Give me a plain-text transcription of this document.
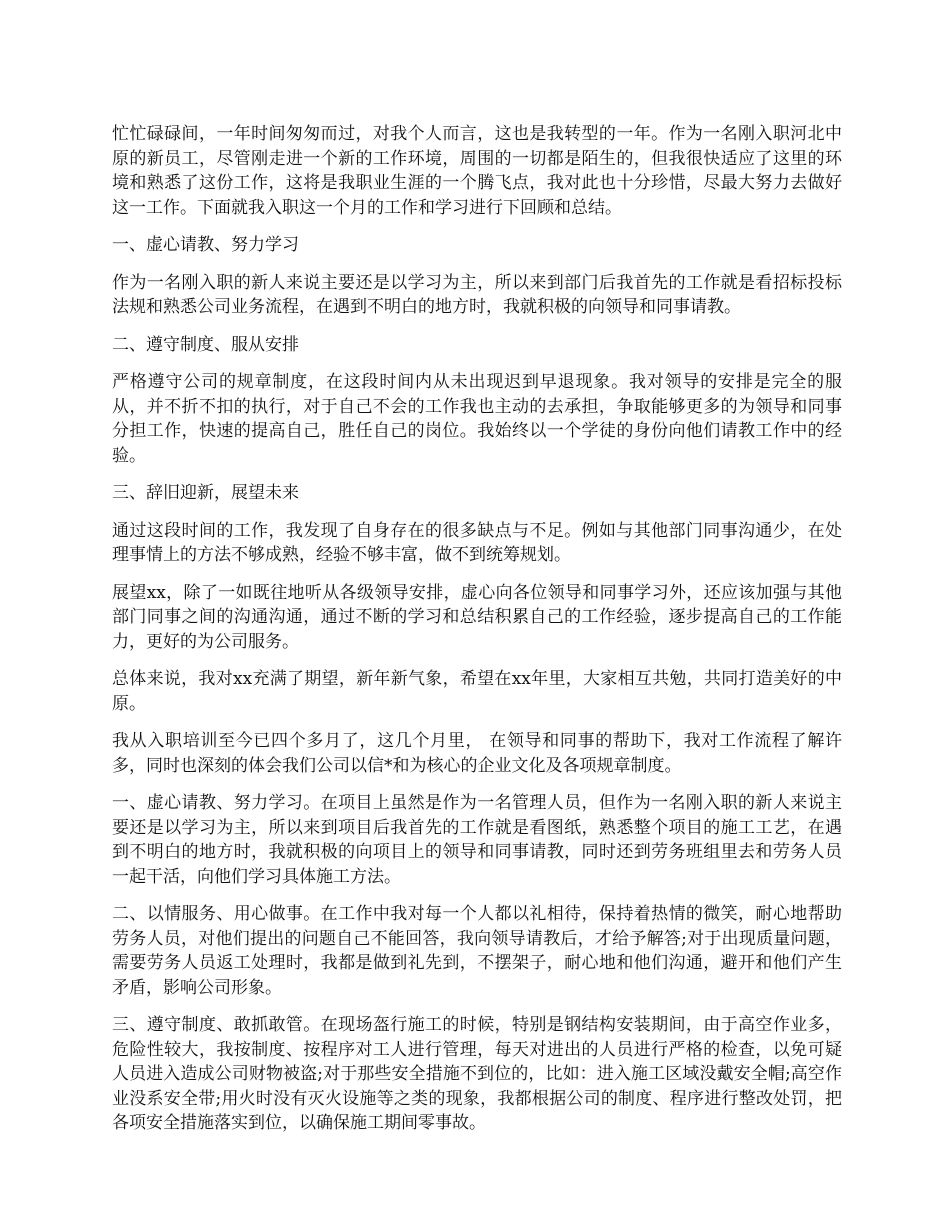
忙忙碌碌间，一年时间匆匆而过，对我个人而言，这也是我转型的一年。作为一名刚入职河北中原的新员工，尽管刚走进一个新的工作环境，周围的一切都是陌生的，但我很快适应了这里的环境和熟悉了这份工作，这将是我职业生涯的一个腾飞点，我对此也十分珍惜，尽最大努力去做好这一工作。下面就我入职这一个月的工作和学习进行下回顾和总结。

一、虚心请教、努力学习

作为一名刚入职的新人来说主要还是以学习为主，所以来到部门后我首先的工作就是看招标投标法规和熟悉公司业务流程，在遇到不明白的地方时，我就积极的向领导和同事请教。

二、遵守制度、服从安排

严格遵守公司的规章制度，在这段时间内从未出现迟到早退现象。我对领导的安排是完全的服从，并不折不扣的执行，对于自己不会的工作我也主动的去承担，争取能够更多的为领导和同事分担工作，快速的提高自己，胜任自己的岗位。我始终以一个学徒的身份向他们请教工作中的经验。

三、辞旧迎新，展望未来

通过这段时间的工作，我发现了自身存在的很多缺点与不足。例如与其他部门同事沟通少，在处理事情上的方法不够成熟，经验不够丰富，做不到统筹规划。

展望xx，除了一如既往地听从各级领导安排，虚心向各位领导和同事学习外，还应该加强与其他部门同事之间的沟通沟通，通过不断的学习和总结积累自己的工作经验，逐步提高自己的工作能力，更好的为公司服务。

总体来说，我对xx充满了期望，新年新气象，希望在xx年里，大家相互共勉，共同打造美好的中原。

我从入职培训至今已四个多月了，这几个月里， 在领导和同事的帮助下，我对工作流程了解许多，同时也深刻的体会我们公司以信*和为核心的企业文化及各项规章制度。

一、虚心请教、努力学习。在项目上虽然是作为一名管理人员，但作为一名刚入职的新人来说主要还是以学习为主，所以来到项目后我首先的工作就是看图纸，熟悉整个项目的施工工艺，在遇到不明白的地方时，我就积极的向项目上的领导和同事请教，同时还到劳务班组里去和劳务人员一起干活，向他们学习具体施工方法。

二、以情服务、用心做事。在工作中我对每一个人都以礼相待，保持着热情的微笑，耐心地帮助劳务人员，对他们提出的问题自己不能回答，我向领导请教后，才给予解答;对于出现质量问题，需要劳务人员返工处理时，我都是做到礼先到，不摆架子，耐心地和他们沟通，避开和他们产生矛盾，影响公司形象。

三、遵守制度、敢抓敢管。在现场盔行施工的时候，特别是钢结构安装期间，由于高空作业多，危险性较大，我按制度、按程序对工人进行管理，每天对进出的人员进行严格的检查，以免可疑人员进入造成公司财物被盗;对于那些安全措施不到位的，比如：进入施工区域没戴安全帽;高空作业没系安全带;用火时没有灭火设施等之类的现象，我都根据公司的制度、程序进行整改处罚，把各项安全措施落实到位，以确保施工期间零事故。
